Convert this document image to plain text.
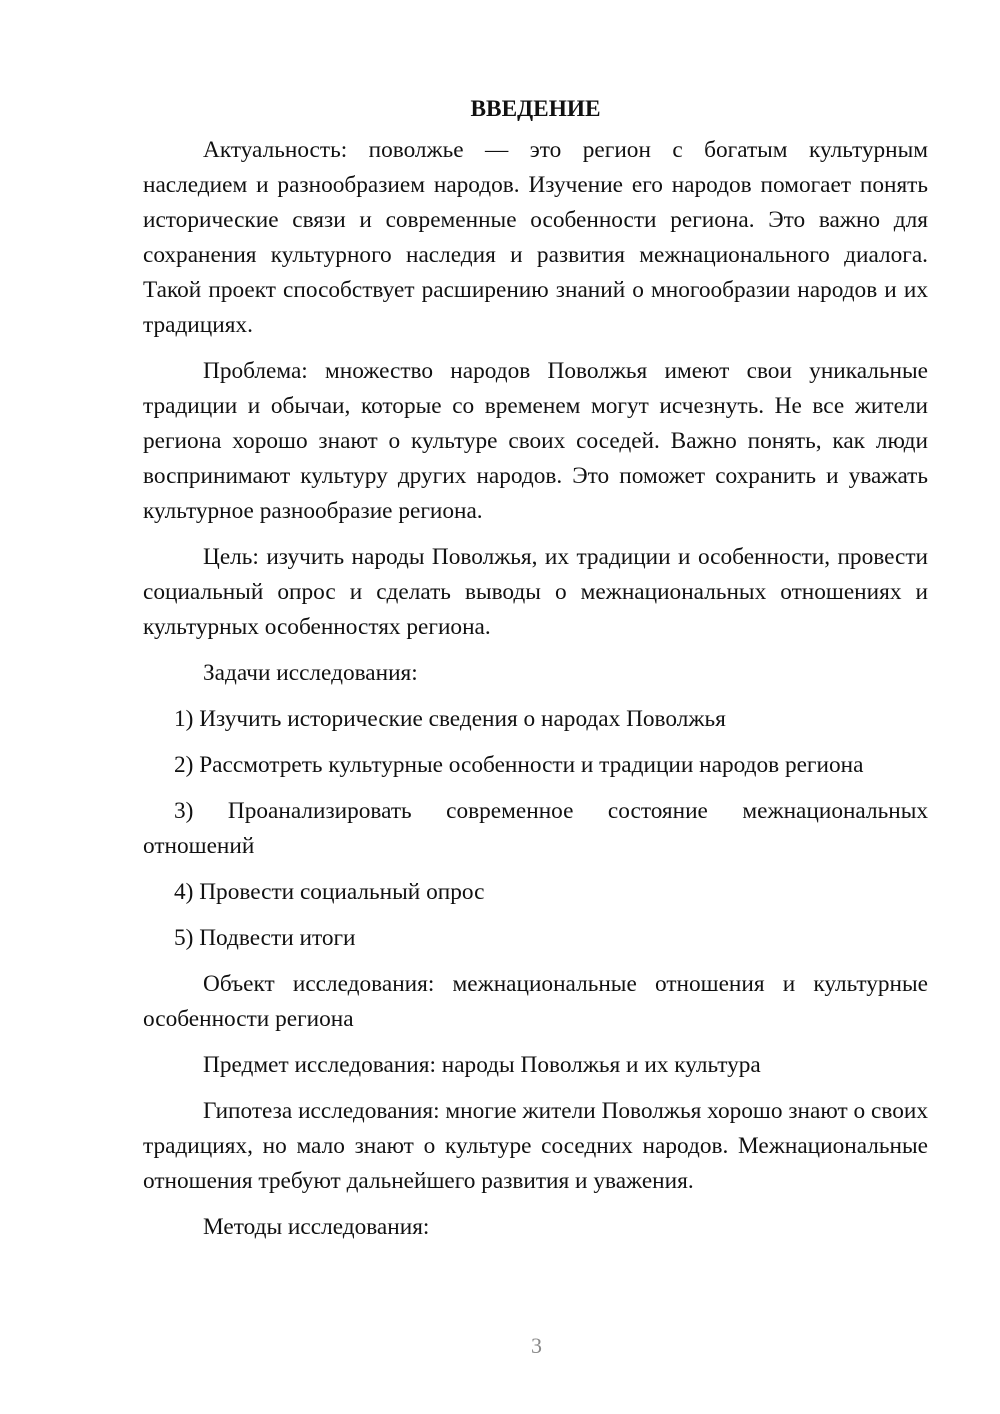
ВВЕДЕНИЕ

Актуальность: поволжье — это регион с богатым культурным наследием и разнообразием народов. Изучение его народов помогает понять исторические связи и современные особенности региона. Это важно для сохранения культурного наследия и развития межнационального диалога. Такой проект способствует расширению знаний о многообразии народов и их традициях.

Проблема: множество народов Поволжья имеют свои уникальные традиции и обычаи, которые со временем могут исчезнуть. Не все жители региона хорошо знают о культуре своих соседей. Важно понять, как люди воспринимают культуру других народов. Это поможет сохранить и уважать культурное разнообразие региона.

Цель: изучить народы Поволжья, их традиции и особенности, провести социальный опрос и сделать выводы о межнациональных отношениях и культурных особенностях региона.

Задачи исследования:

1) Изучить исторические сведения о народах Поволжья

2) Рассмотреть культурные особенности и традиции народов региона

3) Проанализировать современное состояние межнациональных отношений

4) Провести социальный опрос

5) Подвести итоги

Объект исследования: межнациональные отношения и культурные особенности региона

Предмет исследования: народы Поволжья и их культура

Гипотеза исследования: многие жители Поволжья хорошо знают о своих традициях, но мало знают о культуре соседних народов. Межнациональные отношения требуют дальнейшего развития и уважения.

Методы исследования:

3
